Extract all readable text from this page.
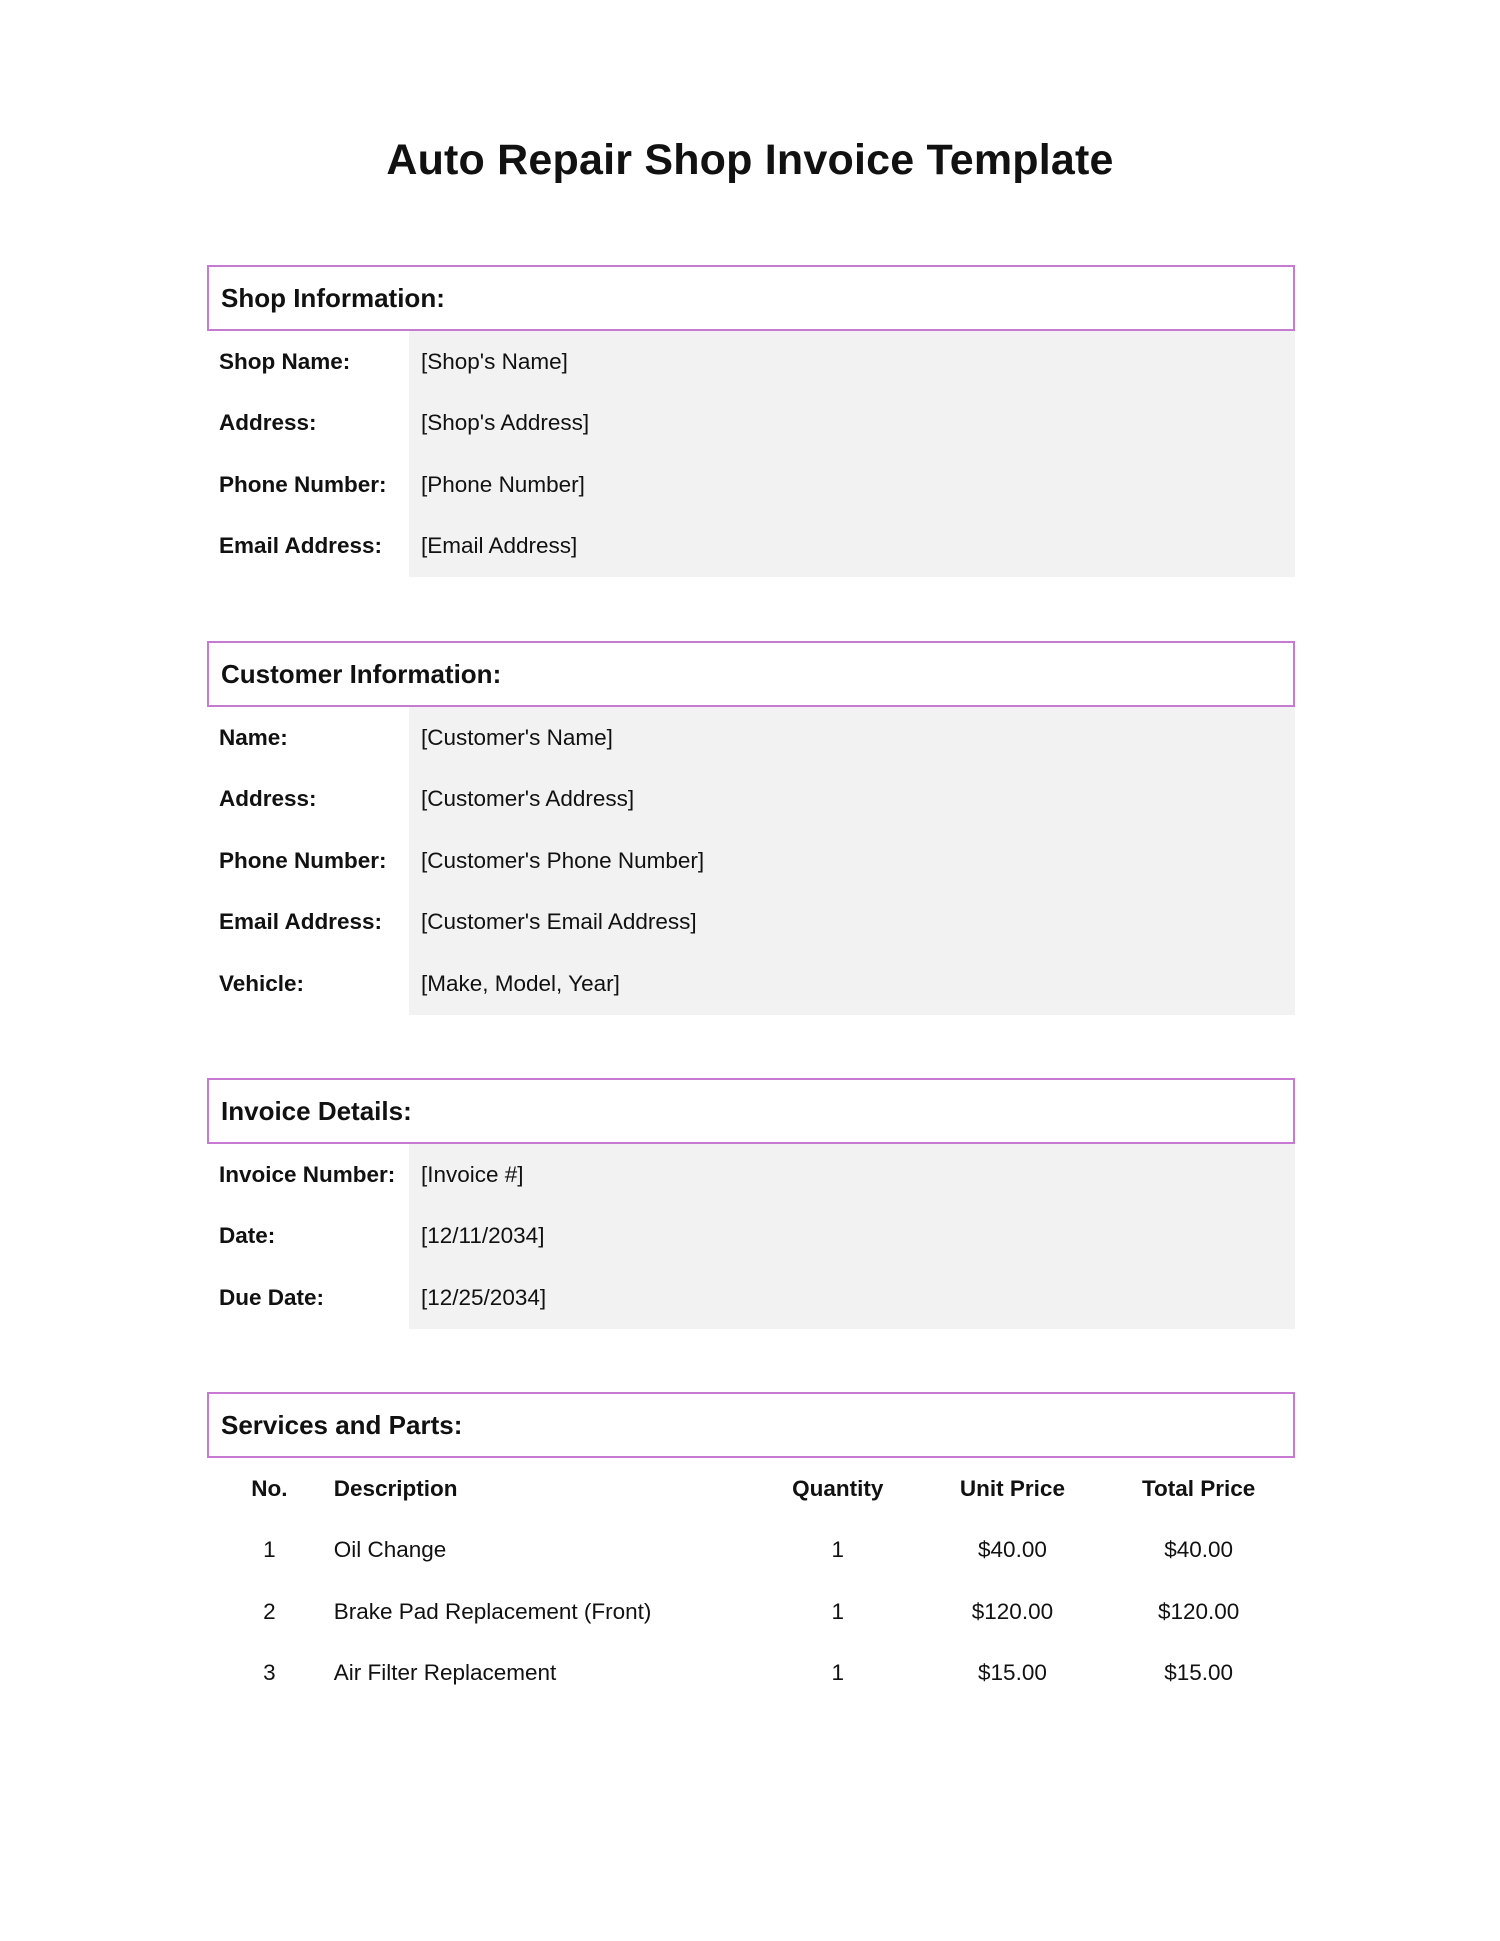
Auto Repair Shop Invoice Template
Shop Information:
Shop Name:	[Shop's Name]
Address:	[Shop's Address]
Phone Number:	[Phone Number]
Email Address:	[Email Address]
Customer Information:
Name:	[Customer's Name]
Address:	[Customer's Address]
Phone Number:	[Customer's Phone Number]
Email Address:	[Customer's Email Address]
Vehicle:	[Make, Model, Year]
Invoice Details:
Invoice Number:	[Invoice #]
Date:	[12/11/2034]
Due Date:	[12/25/2034]
Services and Parts:
No.	Description	Quantity	Unit Price	Total Price
1	Oil Change	1	$40.00	$40.00
2	Brake Pad Replacement (Front)	1	$120.00	$120.00
3	Air Filter Replacement	1	$15.00	$15.00
